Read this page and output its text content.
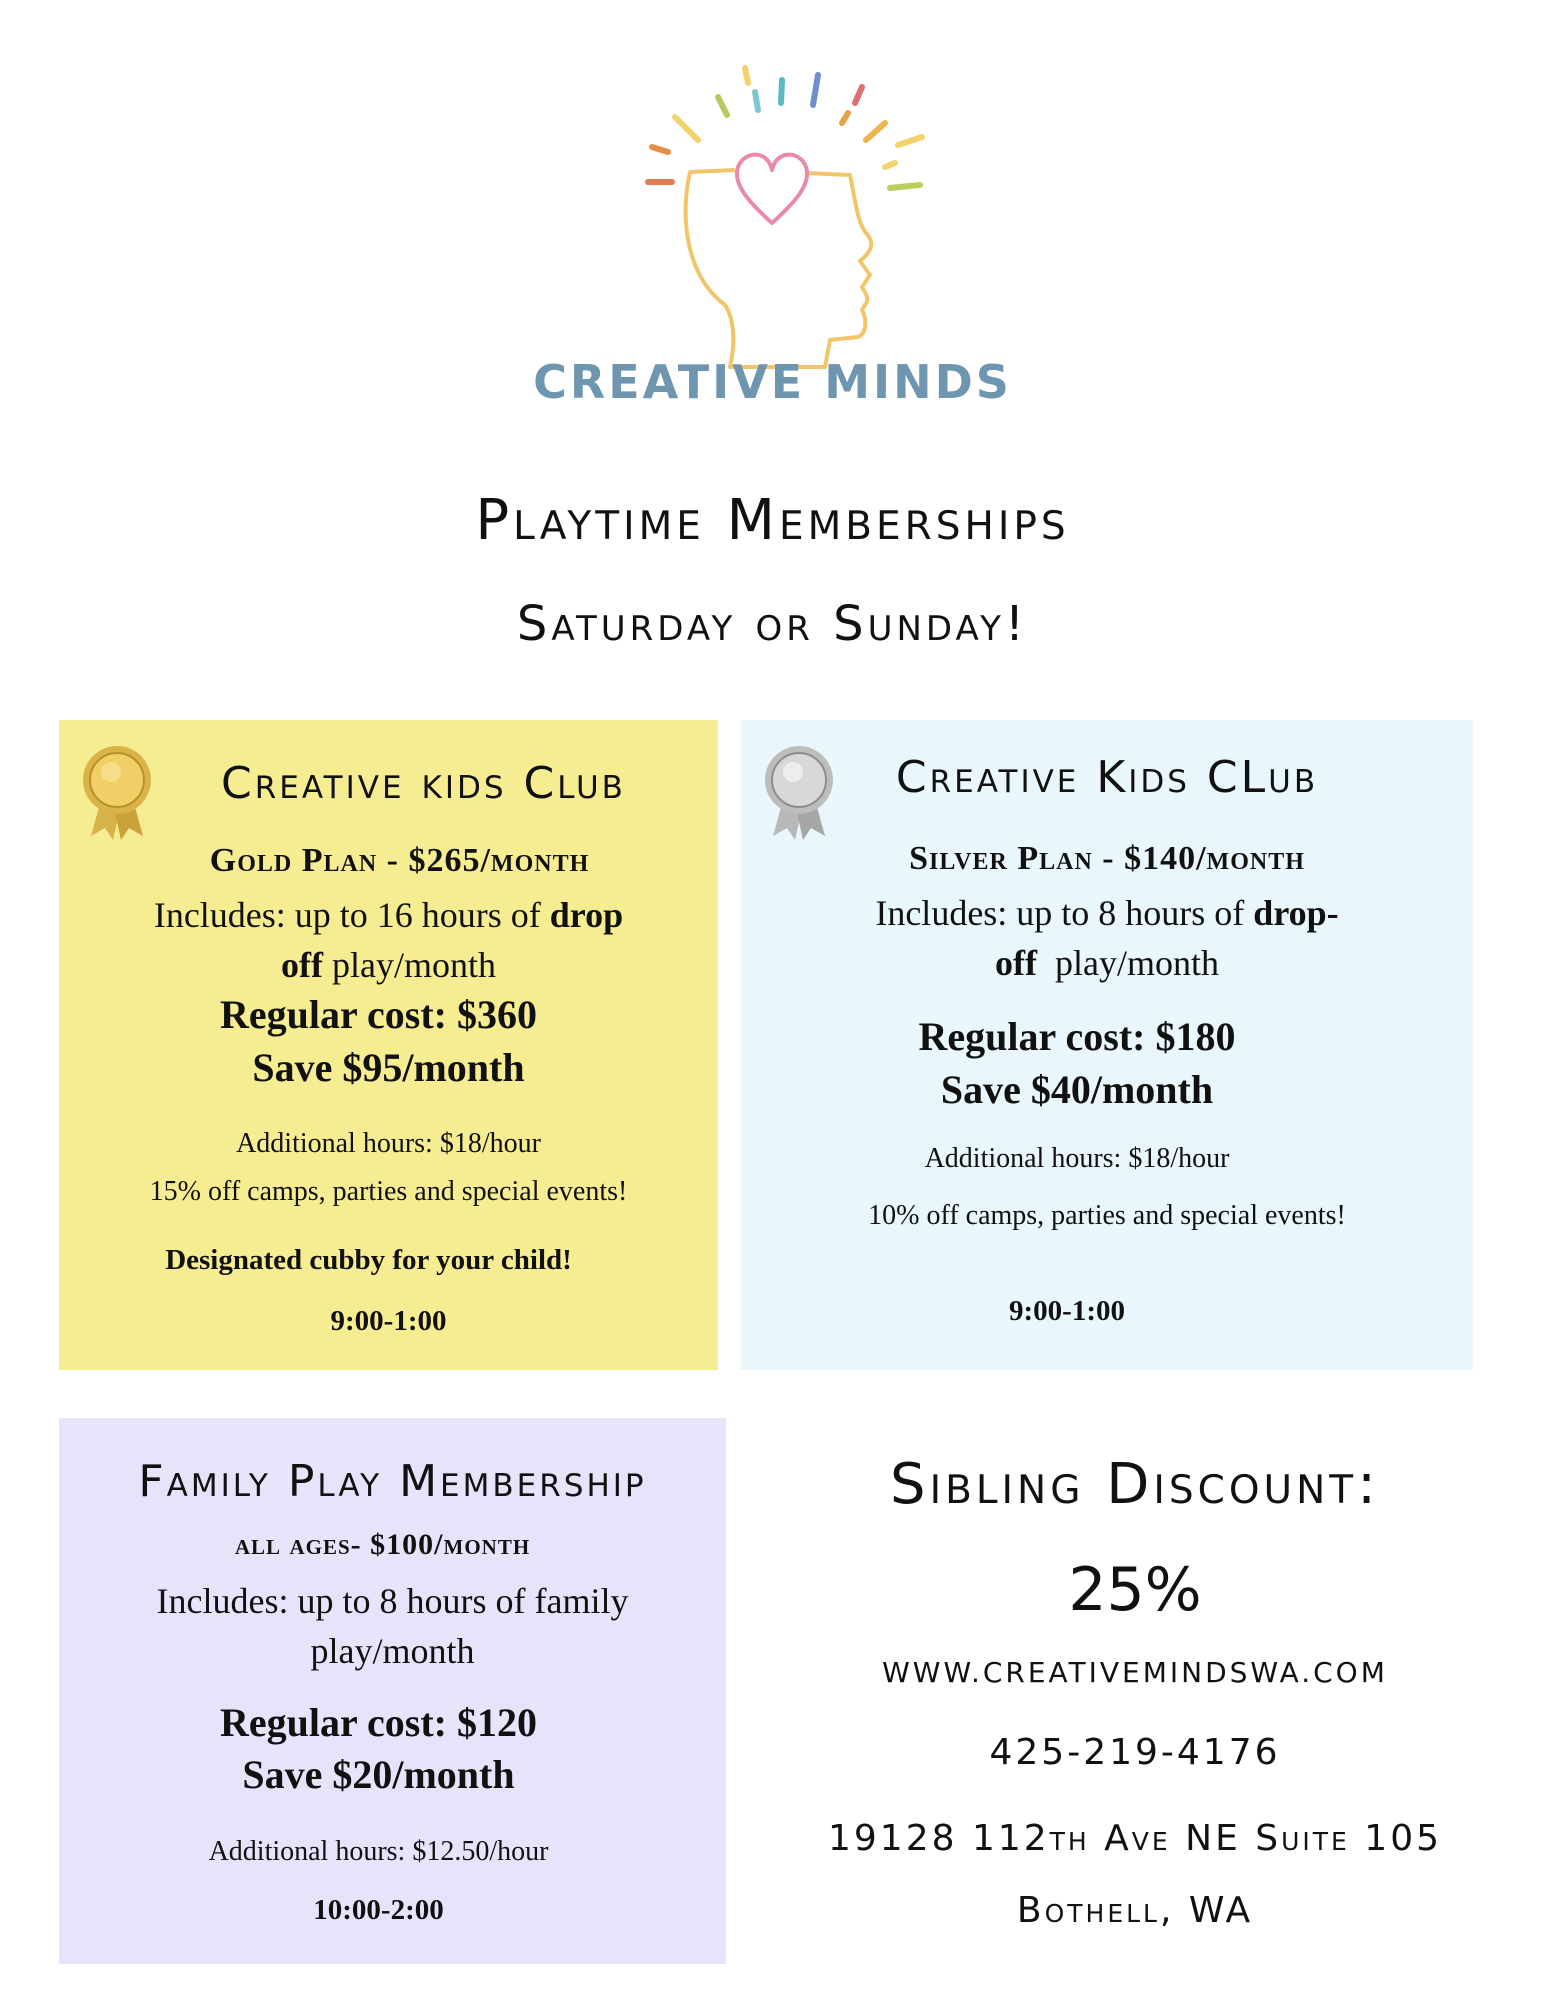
CREATIVE MINDS
Playtime Memberships
Saturday or Sunday!
Creative kids Club
Gold Plan - $265/month
Includes: up to 16 hours of drop
off play/month
Regular cost: $360
Save $95/month
Additional hours: $18/hour
15% off camps, parties and special events!
Designated cubby for your child!
9:00-1:00
Creative Kids CLub
Silver Plan - $140/month
Includes: up to 8 hours of drop-
off  play/month
Regular cost: $180
Save $40/month
Additional hours: $18/hour
10% off camps, parties and special events!
9:00-1:00
Family Play Membership
all ages- $100/month
Includes: up to 8 hours of family
play/month
Regular cost: $120
Save $20/month
Additional hours: $12.50/hour
10:00-2:00
Sibling Discount:
25%
WWW.CREATIVEMINDSWA.COM
425-219-4176
19128 112th Ave NE Suite 105
Bothell, WA
